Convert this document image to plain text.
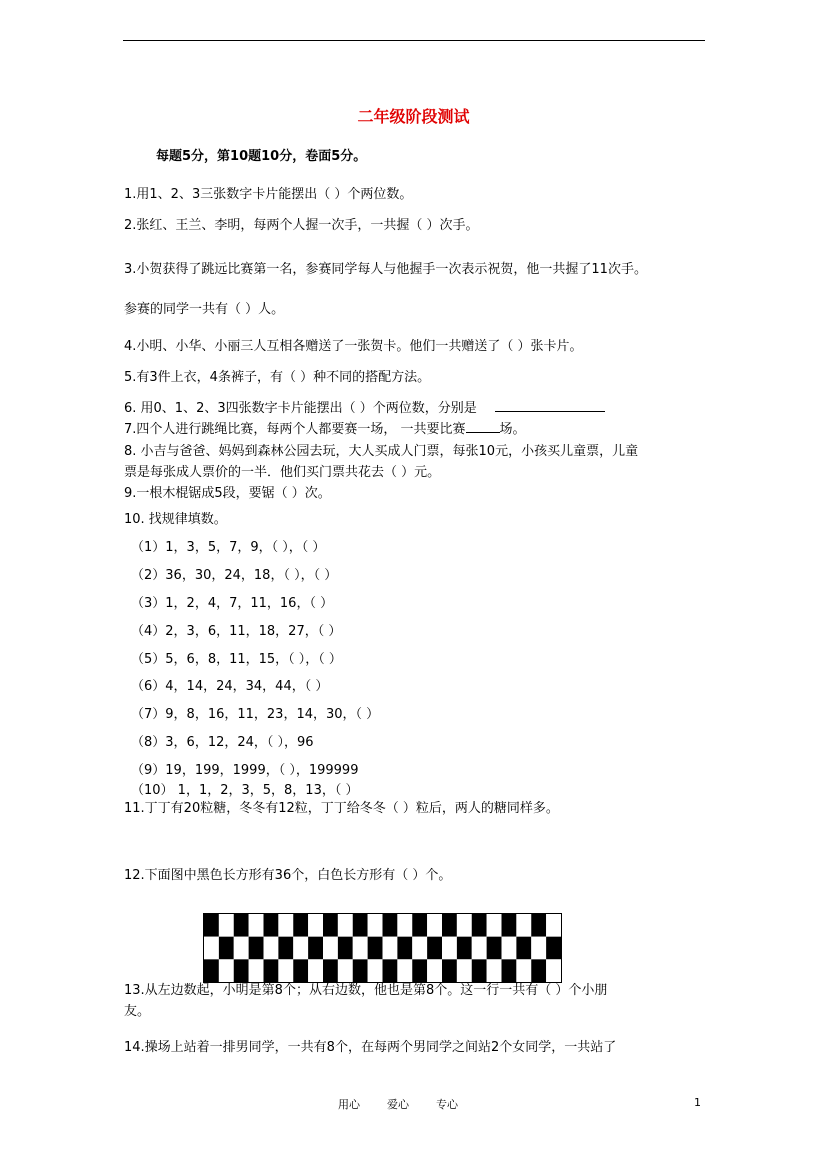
二年级阶段测试
每题5分，第10题10分，卷面5分。
1.用1、2、3三张数字卡片能摆出（ ）个两位数。
2.张红、王兰、李明，每两个人握一次手，一共握（ ）次手。
3.小贺获得了跳远比赛第一名，参赛同学每人与他握手一次表示祝贺，他一共握了11次手。
参赛的同学一共有（ ）人。
4.小明、小华、小丽三人互相各赠送了一张贺卡。他们一共赠送了（ ）张卡片。
5.有3件上衣，4条裤子，有（ ）种不同的搭配方法。
6. 用0、1、2、3四张数字卡片能摆出（ ）个两位数，分别是
7.四个人进行跳绳比赛，每两个人都要赛一场， 一共要比赛	场。
8. 小吉与爸爸、妈妈到森林公园去玩，大人买成人门票，每张10元，小孩买儿童票，儿童
票是每张成人票价的一半．他们买门票共花去（ ）元。
9.一根木棍锯成5段，要锯（ ）次。
10. 找规律填数。
（1）1，3，5，7，9，（ ），（ ）
（2）36，30，24，18，（ ），（ ）
（3）1，2，4，7，11，16，（ ）
（4）2，3，6，11，18，27，（ ）
（5）5，6，8，11，15，（ ），（ ）
（6）4，14，24，34，44，（ ）
（7）9，8，16，11，23，14，30，（ ）
（8）3，6，12，24，（ ），96
（9）19，199，1999，（ ），199999
（10） 1，1，2，3，5，8，13，（ ）
11.丁丁有20粒糖，冬冬有12粒，丁丁给冬冬（ ）粒后，两人的糖同样多。
12.下面图中黑色长方形有36个，白色长方形有（ ）个。
13.从左边数起，小明是第8个；从右边数，他也是第8个。这一行一共有（ ）个小朋
友。
14.操场上站着一排男同学，一共有8个，在每两个男同学之间站2个女同学，一共站了
用心 爱心 专心	1
